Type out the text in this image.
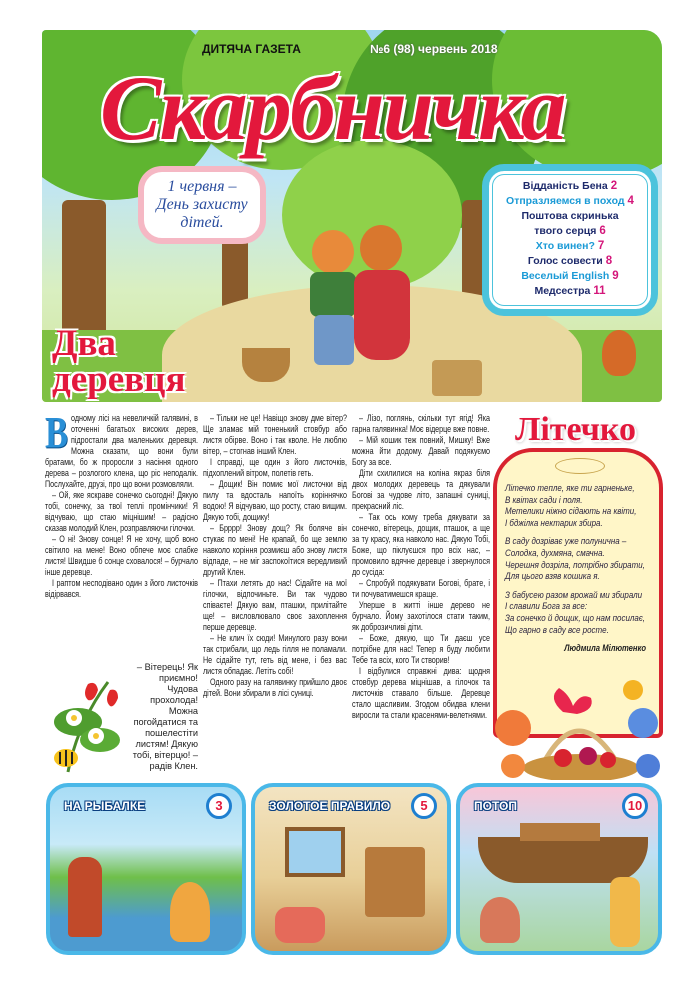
ДИТЯЧА ГАЗЕТА	№6 (98) червень 2018
Скарбничка
1 червня –
День захисту
дітей.
Відданість Бена 2
Отпразляемся в поход 4
Поштова скринька
твого серця 6
Хто винен? 7
Голос совести 8
Веселый English 9
Медсестра 11
Два
деревця
В одному лісі на невеличкій галявині, в оточенні багатьох високих дерев, підростали два маленьких деревця. Можна сказати, що вони були братами, бо ж проросли з насіння одного дерева – розлогого клена, що ріс неподалік. Послухайте, друзі, про що вони розмовляли.

– Ой, яке яскраве сонечко сьогодні! Дякую тобі, сонечку, за твої теплі промінчики! Я відчуваю, що стаю міцнішим! – радісно сказав молодий Клен, розправляючи гілочки.

– О ні! Знову сонце! Я не хочу, щоб воно світило на мене! Воно обпече моє слабке листя! Швидше б сонце сховалося! – бурчало інше деревце.

І раптом несподівано один з його листочків відірвався.

– Вітерець! Як приємно! Чудова прохолода! Можна погойдатися та пошелестіти листям! Дякую тобі, вітерцю! – радів Клен.

– Тільки не це! Навіщо знову дме вітер? Ще зламає мій тоненький стовбур або листя обірве. Воно і так кволе. Не люблю вітер, – стогнав інший Клен.

І справді, ще один з його листочків, підхоплений вітром, полетів геть.

– Дощик! Він помиє мої листочки від пилу та вдосталь напоїть коріннячко водою! Я відчуваю, що росту, стаю вищим. Дякую тобі, дощику!

– Брррр! Знову дощ? Як боляче він стукає по мені! Не крапай, бо ще землю навколо коріння розмиєш або знову листя відпаде, – не міг заспокоїтися вередливий другий Клен.

– Птахи летять до нас! Сідайте на мої гілочки, відпочиньте. Ви так чудово співаєте! Дякую вам, пташки, прилітайте ще! – висловлювало своє захоплення перше деревце.

– Не клич їх сюди! Минулого разу вони так стрибали, що ледь гілля не поламали. Не сідайте тут, геть від мене, і без вас листя обпадає. Летіть собі!

Одного разу на галявинку прийшло двоє дітей. Вони збирали в лісі суниці.

– Лізо, поглянь, скільки тут ягід! Яка гарна галявинка! Моє відерце вже повне.

– Мій кошик теж повний, Мишку! Вже можна йти додому. Давай подякуємо Богу за все.

Діти схилилися на коліна якраз біля двох молодих деревець та дякували Богові за чудове літо, запашні суниці, прекрасний ліс.

– Так ось кому треба дякувати за сонечко, вітерець, дощик, пташок, а ще за ту красу, яка навколо нас. Дякую Тобі, Боже, що піклуєшся про всіх нас, – промовило вдячне деревце і звернулося до сусіда:

– Спробуй подякувати Богові, брате, і ти почуватимешся краще.

Уперше в житті інше дерево не бурчало. Йому захотілося стати таким, як доброзичливі діти.

– Боже, дякую, що Ти даєш усе потрібне для нас! Тепер я буду любити Тебе та всіх, кого Ти створив!

І відбулися справжні дива: щодня стовбур дерева міцнішав, а гілочок та листочків ставало більше. Деревце стало щасливим. Згодом обидва клени виросли та стали красенями-велетнями.

Літечко тепле, яке ти гарненьке,
В квітах сади і поля.
Метелики ніжно сідають на квіти,
І бджілка нектарик збира.
В саду дозріває уже полунична –
Солодка, духмяна, смачна.
Черешня дозріла, потрібно збирати,
Для цього взяв кошика я.
З бабусею разом врожай ми збирали
І славили Бога за все:
За сонечко й дощик, що нам посилає,
Що гарно в саду все росте.
Людмила Мілютенко
Літечко
НА РЫБАЛКЕ	3	ЗОЛОТОЕ ПРАВИЛО	5	ПОТОП	10
